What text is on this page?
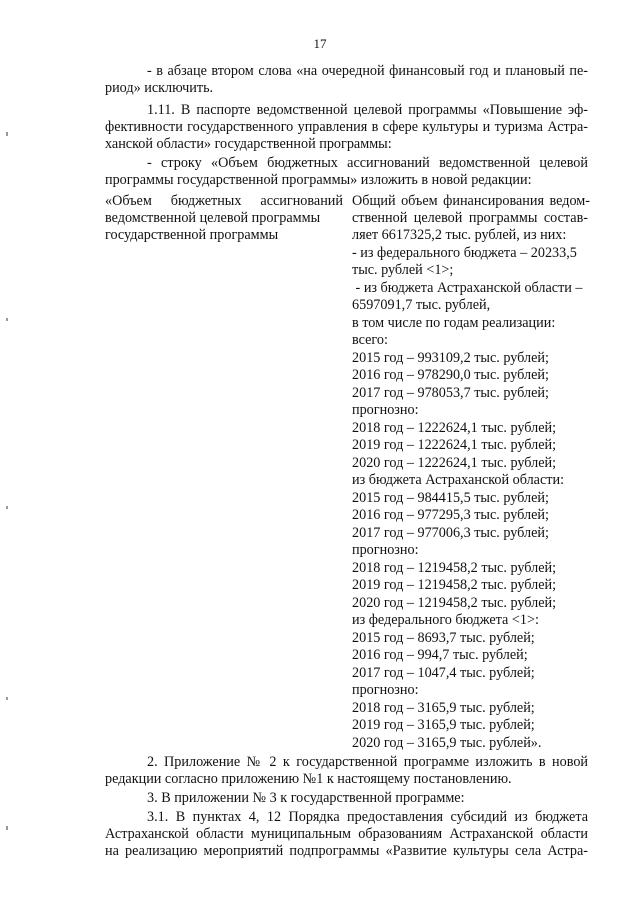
17
- в абзаце втором слова «на очередной финансовый год и плановый пе-
риод» исключить.
1.11. В паспорте ведомственной целевой программы «Повышение эф-
фективности государственного управления в сфере культуры и туризма Астра-
ханской области» государственной программы:
- строку «Объем бюджетных ассигнований ведомственной целевой
программы государственной программы» изложить в новой редакции:
«Объем бюджетных ассигнований
ведомственной целевой программы
государственной программы
Общий объем финансирования ведом-
ственной целевой программы состав-
ляет 6617325,2 тыс. рублей, из них:
- из федерального бюджета – 20233,5
тыс. рублей <1>;
- из бюджета Астраханской области –
6597091,7 тыс. рублей,
в том числе по годам реализации:
всего:
2015 год – 993109,2 тыс. рублей;
2016 год – 978290,0 тыс. рублей;
2017 год – 978053,7 тыс. рублей;
прогнозно:
2018 год – 1222624,1 тыс. рублей;
2019 год – 1222624,1 тыс. рублей;
2020 год – 1222624,1 тыс. рублей;
из бюджета Астраханской области:
2015 год – 984415,5 тыс. рублей;
2016 год – 977295,3 тыс. рублей;
2017 год – 977006,3 тыс. рублей;
прогнозно:
2018 год – 1219458,2 тыс. рублей;
2019 год – 1219458,2 тыс. рублей;
2020 год – 1219458,2 тыс. рублей;
из федерального бюджета <1>:
2015 год – 8693,7 тыс. рублей;
2016 год – 994,7 тыс. рублей;
2017 год – 1047,4 тыс. рублей;
прогнозно:
2018 год – 3165,9 тыс. рублей;
2019 год – 3165,9 тыс. рублей;
2020 год – 3165,9 тыс. рублей».
2. Приложение № 2 к государственной программе изложить в новой
редакции согласно приложению №1 к настоящему постановлению.
3. В приложении № 3 к государственной программе:
3.1. В пунктах 4, 12 Порядка предоставления субсидий из бюджета
Астраханской области муниципальным образованиям Астраханской области
на реализацию мероприятий подпрограммы «Развитие культуры села Астра-
